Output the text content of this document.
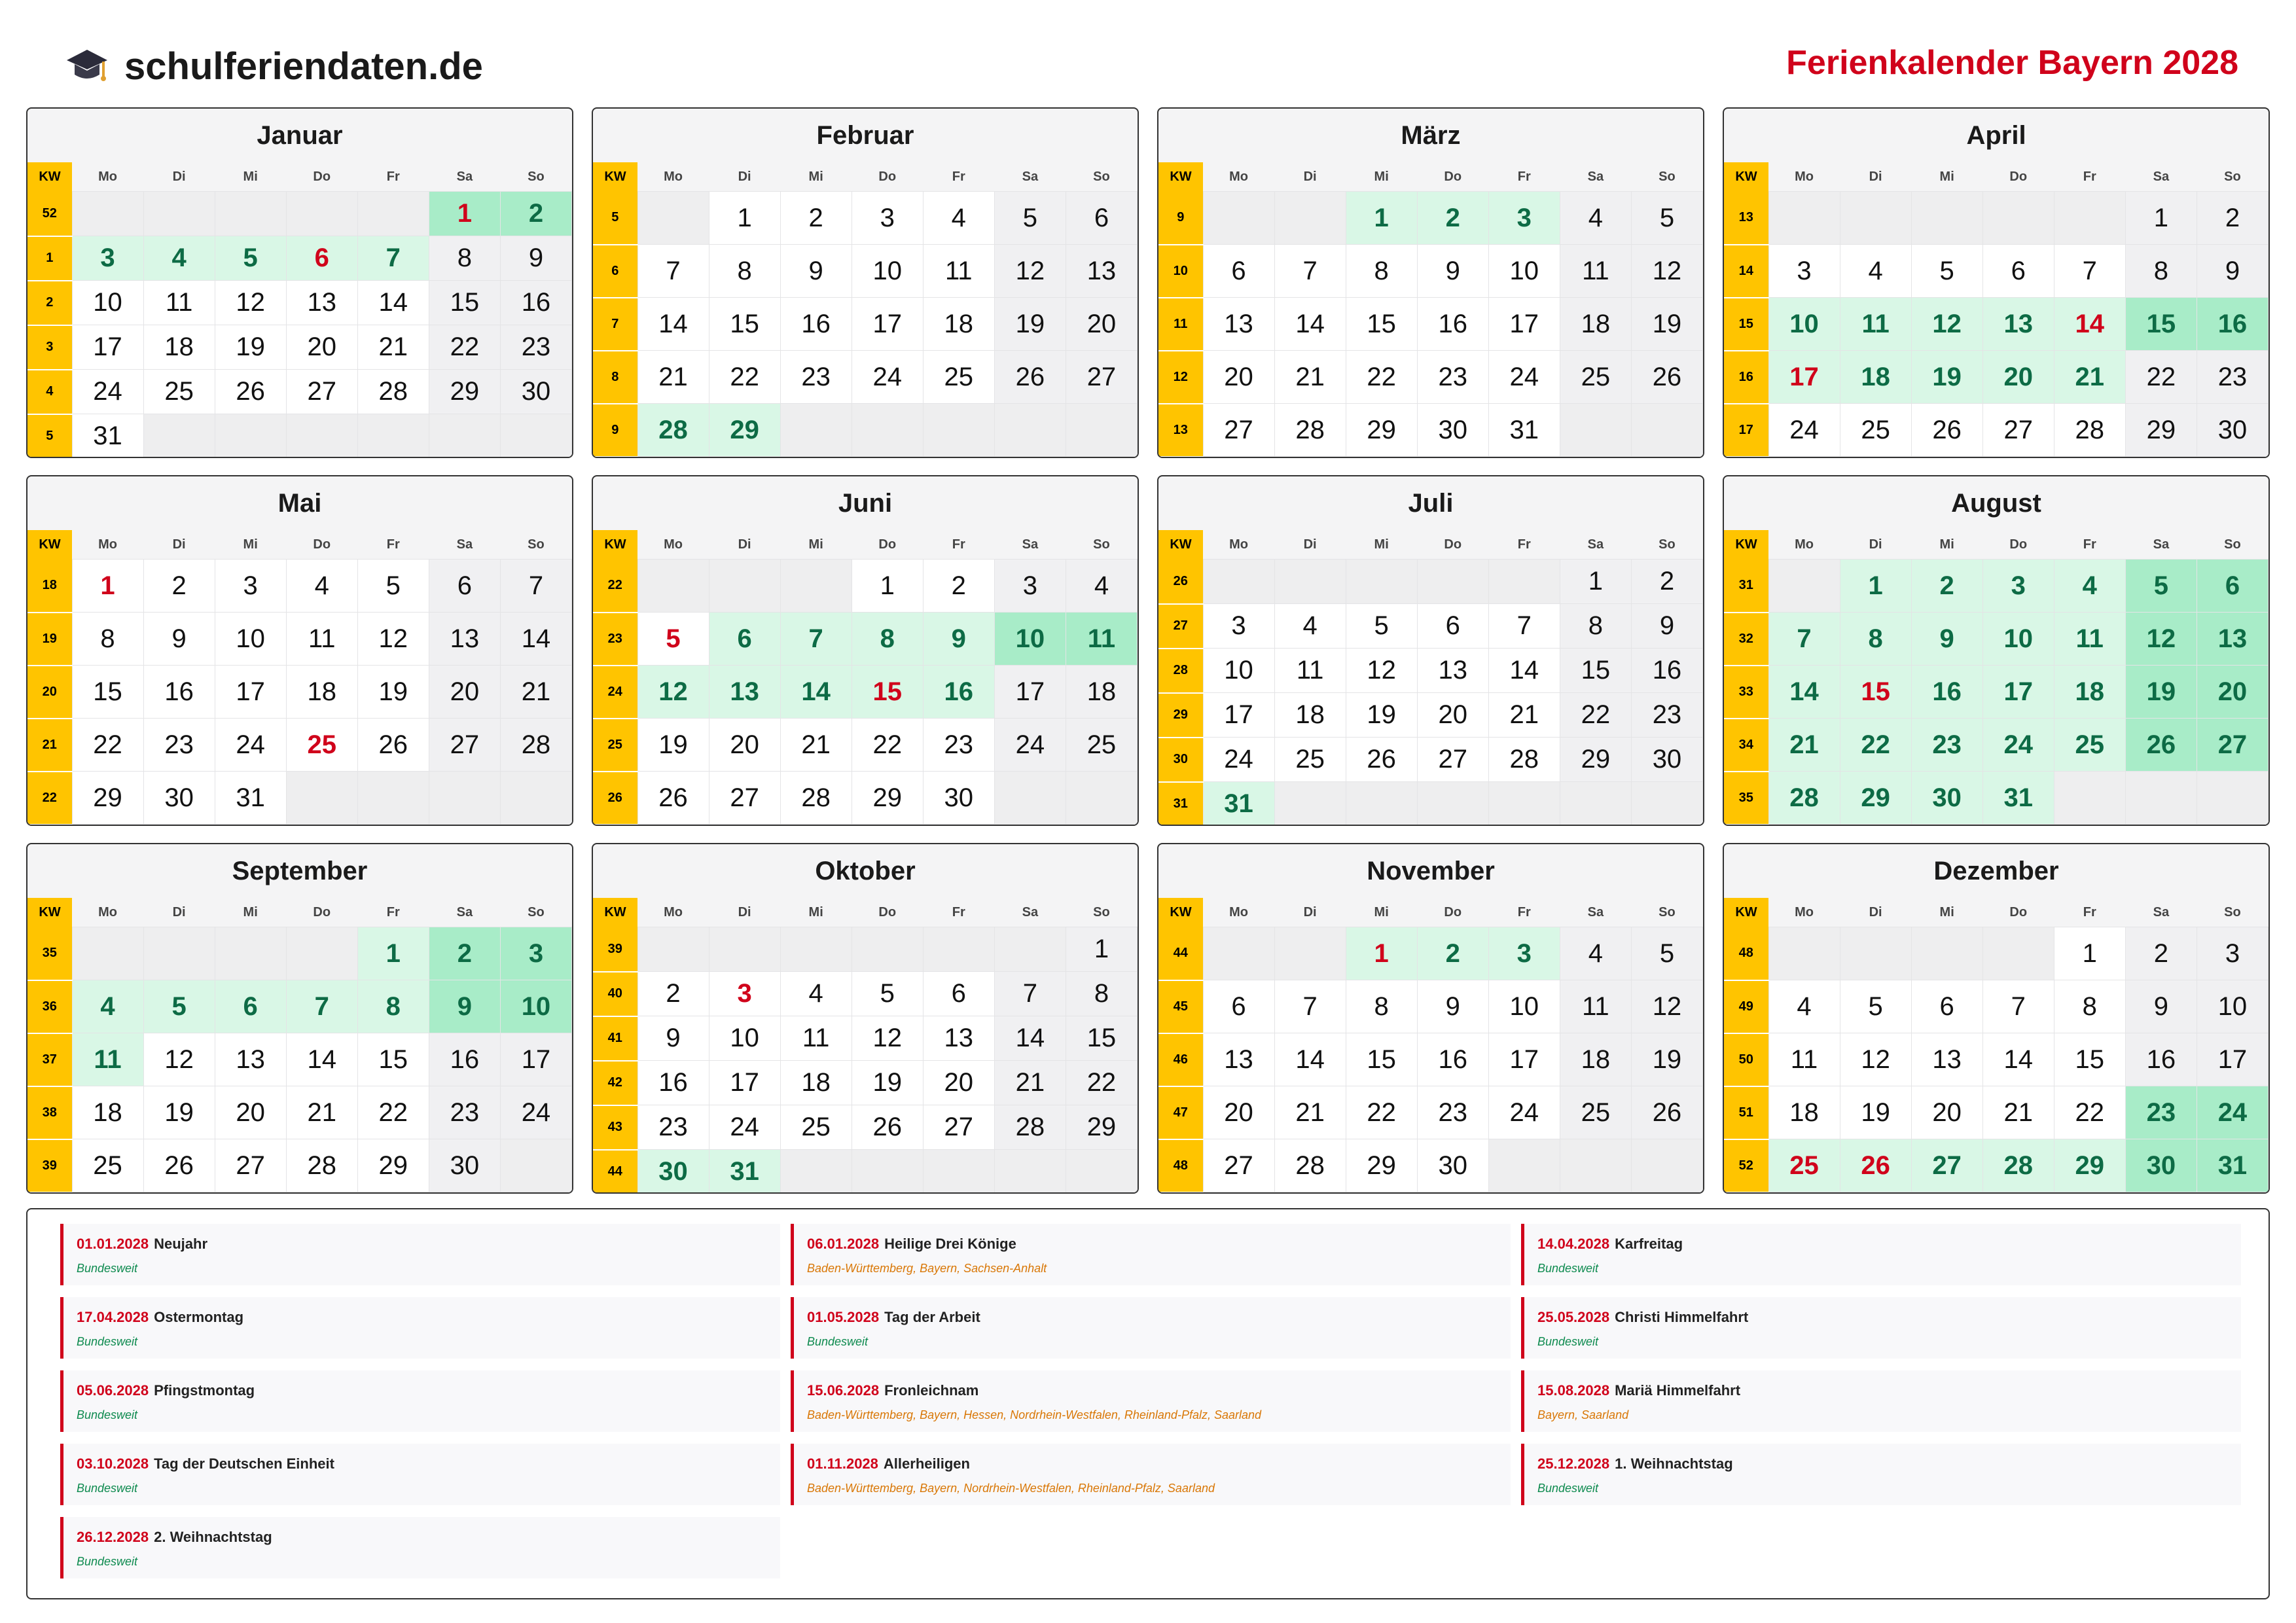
schulferiendaten.de	Ferienkalender Bayern 2028
Januar
KW	Mo	Di	Mi	Do	Fr	Sa	So
52						1	2
1	3	4	5	6	7	8	9
2	10	11	12	13	14	15	16
3	17	18	19	20	21	22	23
4	24	25	26	27	28	29	30
5	31						
Februar
KW	Mo	Di	Mi	Do	Fr	Sa	So
5		1	2	3	4	5	6
6	7	8	9	10	11	12	13
7	14	15	16	17	18	19	20
8	21	22	23	24	25	26	27
9	28	29					
März
KW	Mo	Di	Mi	Do	Fr	Sa	So
9			1	2	3	4	5
10	6	7	8	9	10	11	12
11	13	14	15	16	17	18	19
12	20	21	22	23	24	25	26
13	27	28	29	30	31		
April
KW	Mo	Di	Mi	Do	Fr	Sa	So
13						1	2
14	3	4	5	6	7	8	9
15	10	11	12	13	14	15	16
16	17	18	19	20	21	22	23
17	24	25	26	27	28	29	30
Mai
KW	Mo	Di	Mi	Do	Fr	Sa	So
18	1	2	3	4	5	6	7
19	8	9	10	11	12	13	14
20	15	16	17	18	19	20	21
21	22	23	24	25	26	27	28
22	29	30	31				
Juni
KW	Mo	Di	Mi	Do	Fr	Sa	So
22				1	2	3	4
23	5	6	7	8	9	10	11
24	12	13	14	15	16	17	18
25	19	20	21	22	23	24	25
26	26	27	28	29	30		
Juli
KW	Mo	Di	Mi	Do	Fr	Sa	So
26						1	2
27	3	4	5	6	7	8	9
28	10	11	12	13	14	15	16
29	17	18	19	20	21	22	23
30	24	25	26	27	28	29	30
31	31						
August
KW	Mo	Di	Mi	Do	Fr	Sa	So
31		1	2	3	4	5	6
32	7	8	9	10	11	12	13
33	14	15	16	17	18	19	20
34	21	22	23	24	25	26	27
35	28	29	30	31			
September
KW	Mo	Di	Mi	Do	Fr	Sa	So
35					1	2	3
36	4	5	6	7	8	9	10
37	11	12	13	14	15	16	17
38	18	19	20	21	22	23	24
39	25	26	27	28	29	30	
Oktober
KW	Mo	Di	Mi	Do	Fr	Sa	So
39							1
40	2	3	4	5	6	7	8
41	9	10	11	12	13	14	15
42	16	17	18	19	20	21	22
43	23	24	25	26	27	28	29
44	30	31					
November
KW	Mo	Di	Mi	Do	Fr	Sa	So
44			1	2	3	4	5
45	6	7	8	9	10	11	12
46	13	14	15	16	17	18	19
47	20	21	22	23	24	25	26
48	27	28	29	30			
Dezember
KW	Mo	Di	Mi	Do	Fr	Sa	So
48					1	2	3
49	4	5	6	7	8	9	10
50	11	12	13	14	15	16	17
51	18	19	20	21	22	23	24
52	25	26	27	28	29	30	31
01.01.2028 Neujahr
Bundesweit
06.01.2028 Heilige Drei Könige
Baden-Württemberg, Bayern, Sachsen-Anhalt
14.04.2028 Karfreitag
Bundesweit
17.04.2028 Ostermontag
Bundesweit
01.05.2028 Tag der Arbeit
Bundesweit
25.05.2028 Christi Himmelfahrt
Bundesweit
05.06.2028 Pfingstmontag
Bundesweit
15.06.2028 Fronleichnam
Baden-Württemberg, Bayern, Hessen, Nordrhein-Westfalen, Rheinland-Pfalz, Saarland
15.08.2028 Mariä Himmelfahrt
Bayern, Saarland
03.10.2028 Tag der Deutschen Einheit
Bundesweit
01.11.2028 Allerheiligen
Baden-Württemberg, Bayern, Nordrhein-Westfalen, Rheinland-Pfalz, Saarland
25.12.2028 1. Weihnachtstag
Bundesweit
26.12.2028 2. Weihnachtstag
Bundesweit
